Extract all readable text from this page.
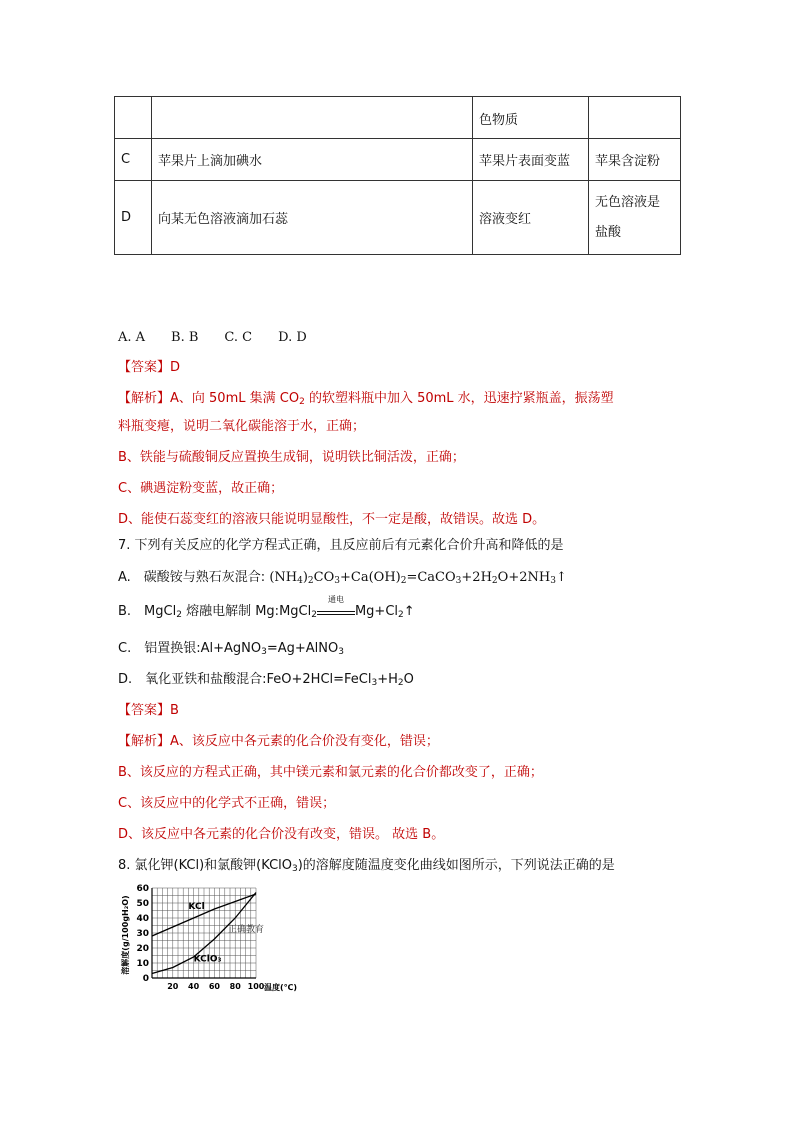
		色物质	
C	苹果片上滴加碘水	苹果片表面变蓝	苹果含淀粉
D	向某无色溶液滴加石蕊	溶液变红	无色溶液是
盐酸
A. A　　B. B　　C. C　　D. D
【答案】D
【解析】A、向 50mL 集满 $CO_2$ 的软塑料瓶中加入 50mL 水，迅速拧紧瓶盖，振荡塑
料瓶变瘪，说明二氧化碳能溶于水，正确；
B、铁能与硫酸铜反应置换生成铜，说明铁比铜活泼，正确；
C、碘遇淀粉变蓝，故正确；
D、能使石蕊变红的溶液只能说明显酸性，不一定是酸，故错误。故选 D。
7. 下列有关反应的化学方程式正确，且反应前后有元素化合价升高和降低的是
A.　碳酸铵与熟石灰混合: $(NH_4)_2CO_3+Ca(OH)_2=CaCO_3+2H_2O+2NH_3↑$
B.　MgCl$_2$ 熔融电解制 Mg:MgCl$_2$
通电
$Mg+Cl_2↑$
C.　铝置换银:Al+AgNO$_3$=Ag+AlNO$_3$
D.　氧化亚铁和盐酸混合$:FeO+2HCl=FeCl_3+H_2O$
【答案】B
【解析】A、该反应中各元素的化合价没有变化，错误；
B、该反应的方程式正确，其中镁元素和氯元素的化合价都改变了，正确；
C、该反应中的化学式不正确，错误；
D、该反应中各元素的化合价没有改变，错误。 故选 B。
8. 氯化钾(KCl)和氯酸钾(KClO$_3$)的溶解度随温度变化曲线如图所示，下列说法正确的是
0
10
20
30
40
50
60
20 40 60 80 100
KCl
KClO₃
溶解度(g/100gH₂O)
温度(℃)
正确教育
